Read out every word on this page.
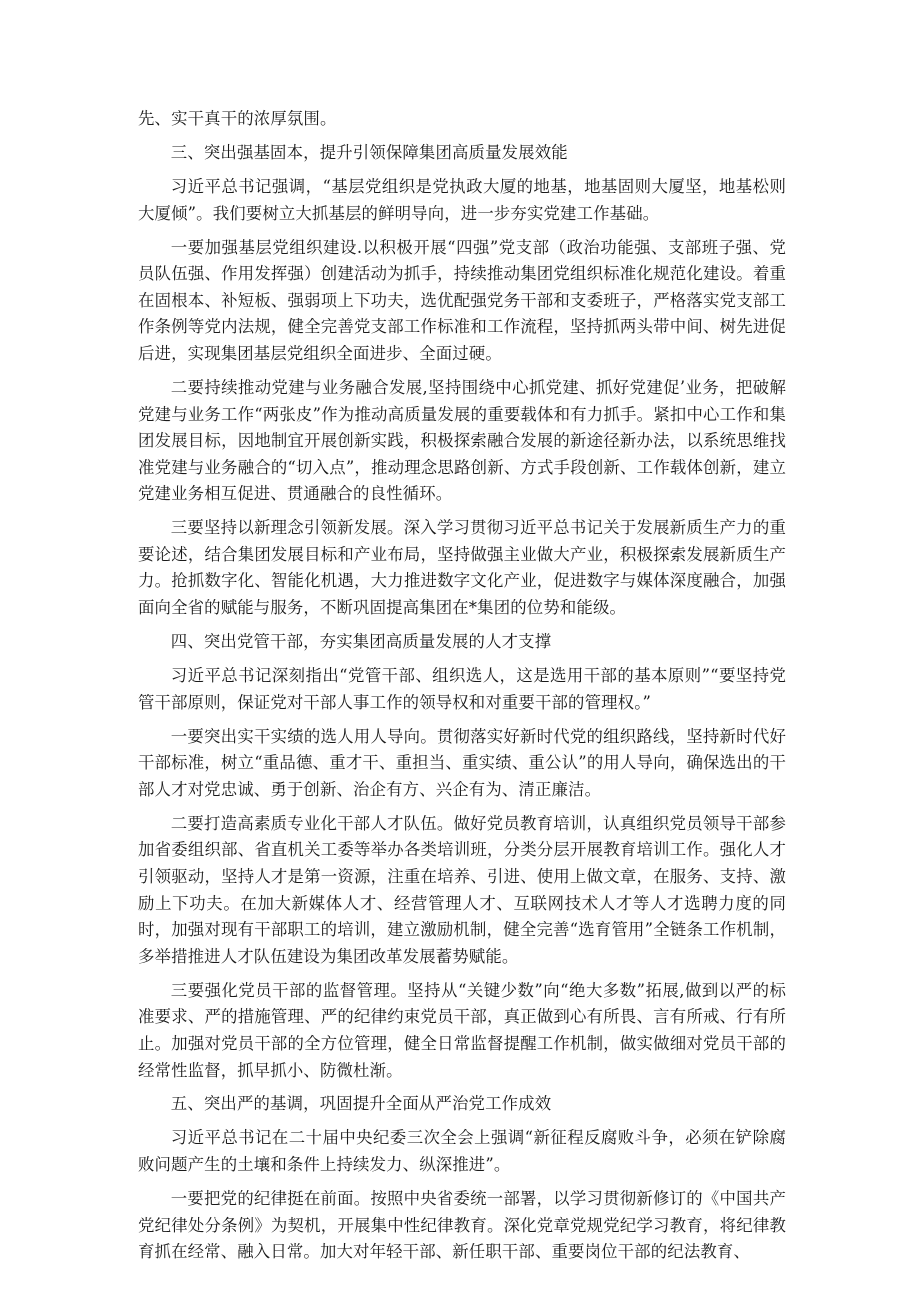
先、实干真干的浓厚氛围。

三、突出强基固本，提升引领保障集团高质量发展效能

习近平总书记强调，“基层党组织是党执政大厦的地基，地基固则大厦坚，地基松则大厦倾”。我们要树立大抓基层的鲜明导向，进一步夯实党建工作基础。

一要加强基层党组织建设.以积极开展“四强”党支部（政治功能强、支部班子强、党员队伍强、作用发挥强）创建活动为抓手，持续推动集团党组织标准化规范化建设。着重在固根本、补短板、强弱项上下功夫，选优配强党务干部和支委班子，严格落实党支部工作条例等党内法规，健全完善党支部工作标准和工作流程，坚持抓两头带中间、树先进促后进，实现集团基层党组织全面进步、全面过硬。

二要持续推动党建与业务融合发展,坚持围绕中心抓党建、抓好党建促’业务，把破解党建与业务工作“两张皮”作为推动高质量发展的重要载体和有力抓手。紧扣中心工作和集团发展目标，因地制宜开展创新实践，积极探索融合发展的新途径新办法，以系统思维找准党建与业务融合的“切入点”，推动理念思路创新、方式手段创新、工作载体创新，建立党建业务相互促进、贯通融合的良性循环。

三要坚持以新理念引领新发展。深入学习贯彻习近平总书记关于发展新质生产力的重要论述，结合集团发展目标和产业布局，坚持做强主业做大产业，积极探索发展新质生产力。抢抓数字化、智能化机遇，大力推进数字文化产业，促进数字与媒体深度融合，加强面向全省的赋能与服务，不断巩固提高集团在*集团的位势和能级。

四、突出党管干部，夯实集团高质量发展的人才支撑

习近平总书记深刻指出“党管干部、组织选人，这是选用干部的基本原则”“要坚持党管干部原则，保证党对干部人事工作的领导权和对重要干部的管理权。”

一要突出实干实绩的选人用人导向。贯彻落实好新时代党的组织路线，坚持新时代好干部标准，树立“重品德、重才干、重担当、重实绩、重公认”的用人导向，确保选出的干部人才对党忠诚、勇于创新、治企有方、兴企有为、清正廉洁。

二要打造高素质专业化干部人才队伍。做好党员教育培训，认真组织党员领导干部参加省委组织部、省直机关工委等举办各类培训班，分类分层开展教育培训工作。强化人才引领驱动，坚持人才是第一资源，注重在培养、引进、使用上做文章，在服务、支持、激励上下功夫。在加大新媒体人才、经营管理人才、互联网技术人才等人才选聘力度的同时，加强对现有干部职工的培训，建立激励机制，健全完善“选育管用”全链条工作机制，多举措推进人才队伍建设为集团改革发展蓄势赋能。

三要强化党员干部的监督管理。坚持从“关键少数”向“绝大多数”拓展,做到以严的标准要求、严的措施管理、严的纪律约束党员干部，真正做到心有所畏、言有所戒、行有所止。加强对党员干部的全方位管理，健全日常监督提醒工作机制，做实做细对党员干部的经常性监督，抓早抓小、防微杜渐。

五、突出严的基调，巩固提升全面从严治党工作成效

习近平总书记在二十届中央纪委三次全会上强调“新征程反腐败斗争，必须在铲除腐败问题产生的土壤和条件上持续发力、纵深推进”。

一要把党的纪律挺在前面。按照中央省委统一部署，以学习贯彻新修订的《中国共产党纪律处分条例》为契机，开展集中性纪律教育。深化党章党规党纪学习教育，将纪律教育抓在经常、融入日常。加大对年轻干部、新任职干部、重要岗位干部的纪法教育、
